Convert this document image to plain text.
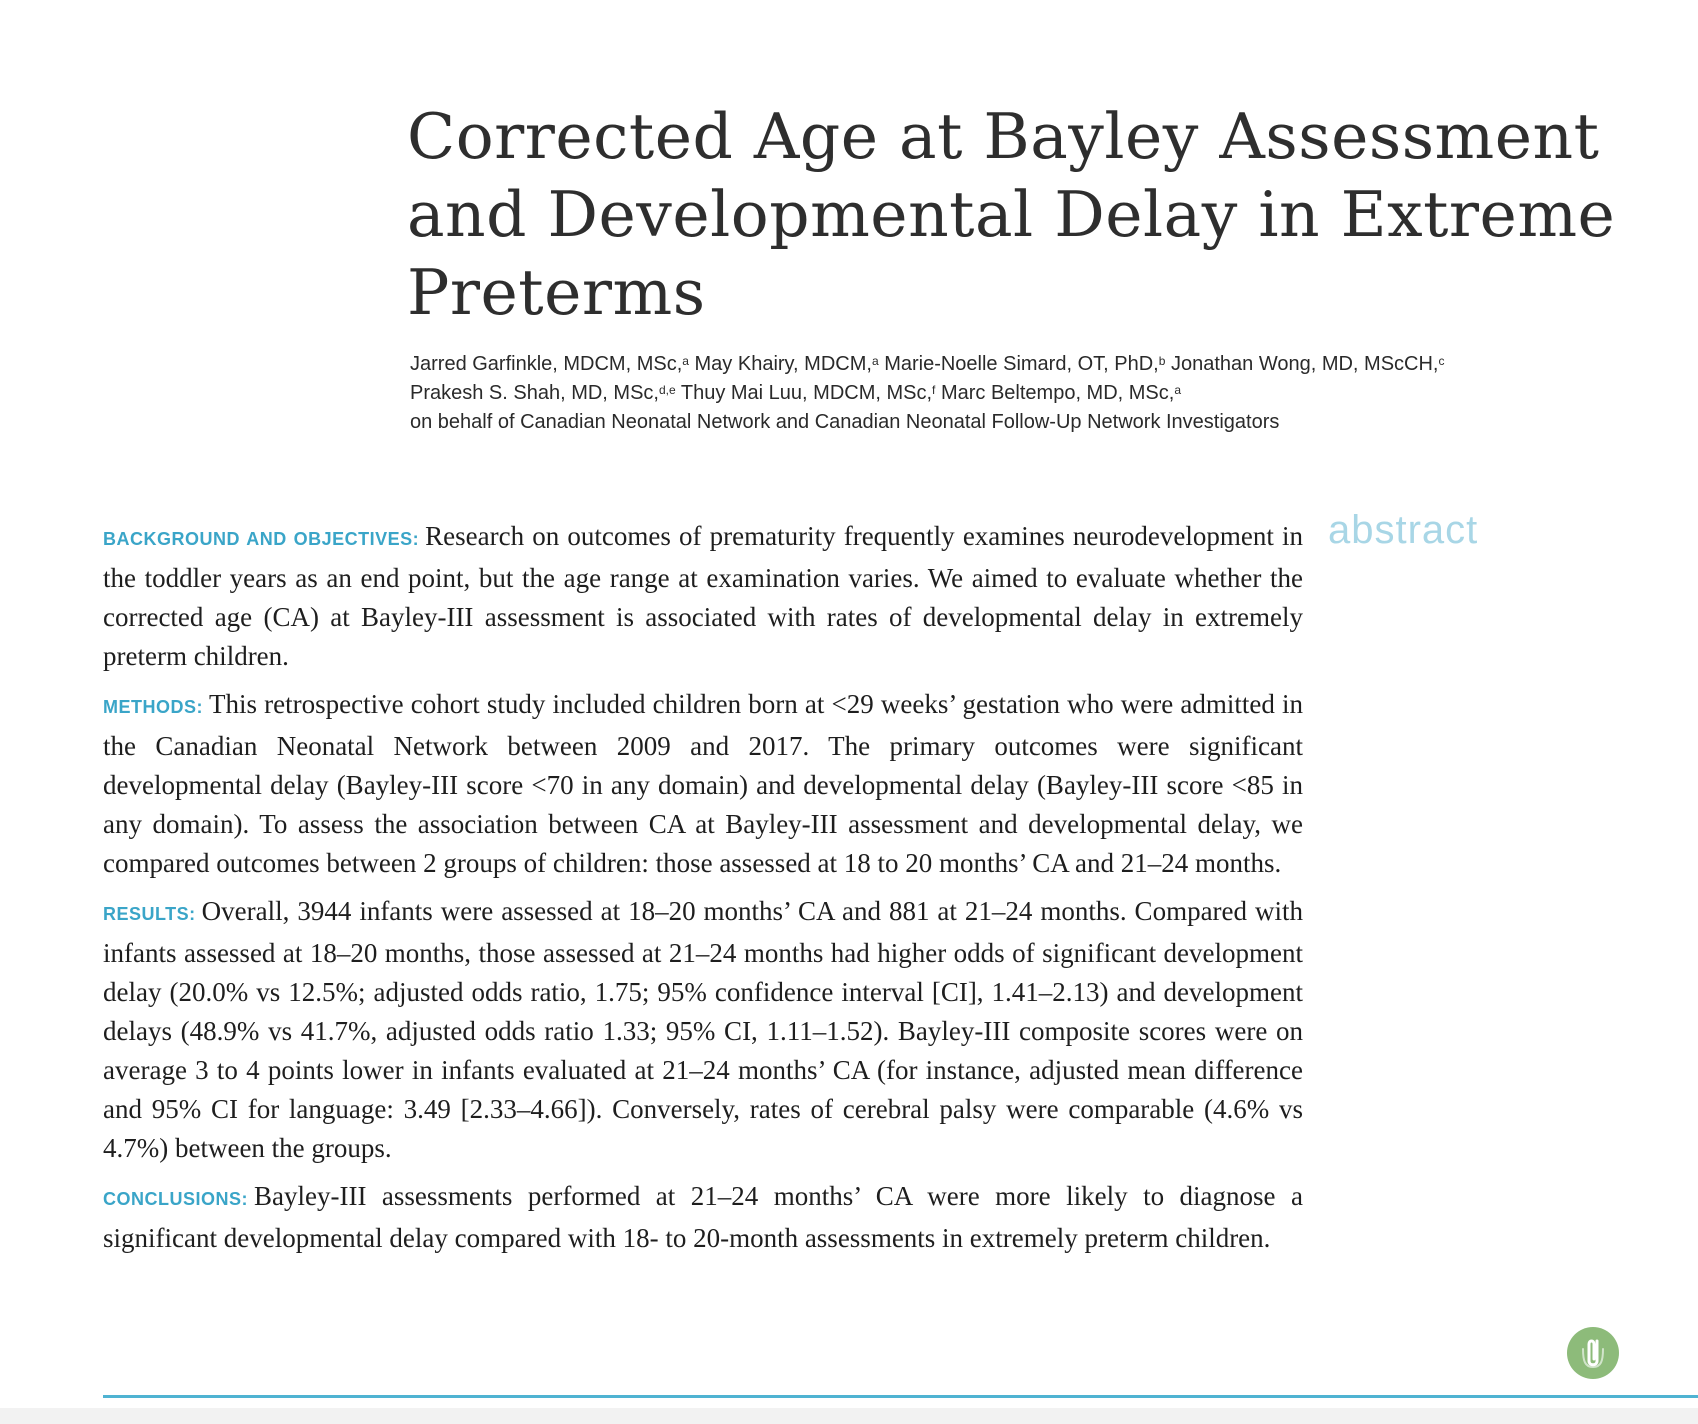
Corrected Age at Bayley Assessment
and Developmental Delay in Extreme
Preterms
Jarred Garfinkle, MDCM, MSc,$^a$ May Khairy, MDCM,$^a$ Marie-Noelle Simard, OT, PhD,$^b$ Jonathan Wong, MD, MScCH,$^c$
Prakesh S. Shah, MD, MSc,$^{d,e}$ Thuy Mai Luu, MDCM, MSc,$^f$ Marc Beltempo, MD, MSc,$^a$
on behalf of Canadian Neonatal Network and Canadian Neonatal Follow-Up Network Investigators
abstract

BACKGROUND AND OBJECTIVES: Research on outcomes of prematurity frequently examines neurodevelopment in the toddler years as an end point, but the age range at examination varies. We aimed to evaluate whether the corrected age (CA) at Bayley-III assessment is associated with rates of developmental delay in extremely preterm children.

METHODS: This retrospective cohort study included children born at <29 weeks’ gestation who were admitted in the Canadian Neonatal Network between 2009 and 2017. The primary outcomes were significant developmental delay (Bayley-III score <70 in any domain) and developmental delay (Bayley-III score <85 in any domain). To assess the association between CA at Bayley-III assessment and developmental delay, we compared outcomes between 2 groups of children: those assessed at 18 to 20 months’ CA and 21–24 months.

RESULTS: Overall, 3944 infants were assessed at 18–20 months’ CA and 881 at 21–24 months. Compared with infants assessed at 18–20 months, those assessed at 21–24 months had higher odds of significant development delay (20.0% vs 12.5%; adjusted odds ratio, 1.75; 95% confidence interval [CI], 1.41–2.13) and development delays (48.9% vs 41.7%, adjusted odds ratio 1.33; 95% CI, 1.11–1.52). Bayley-III composite scores were on average 3 to 4 points lower in infants evaluated at 21–24 months’ CA (for instance, adjusted mean difference and 95% CI for language: 3.49 [2.33–4.66]). Conversely, rates of cerebral palsy were comparable (4.6% vs 4.7%) between the groups.

CONCLUSIONS: Bayley-III assessments performed at 21–24 months’ CA were more likely to diagnose a significant developmental delay compared with 18- to 20-month assessments in extremely preterm children.
